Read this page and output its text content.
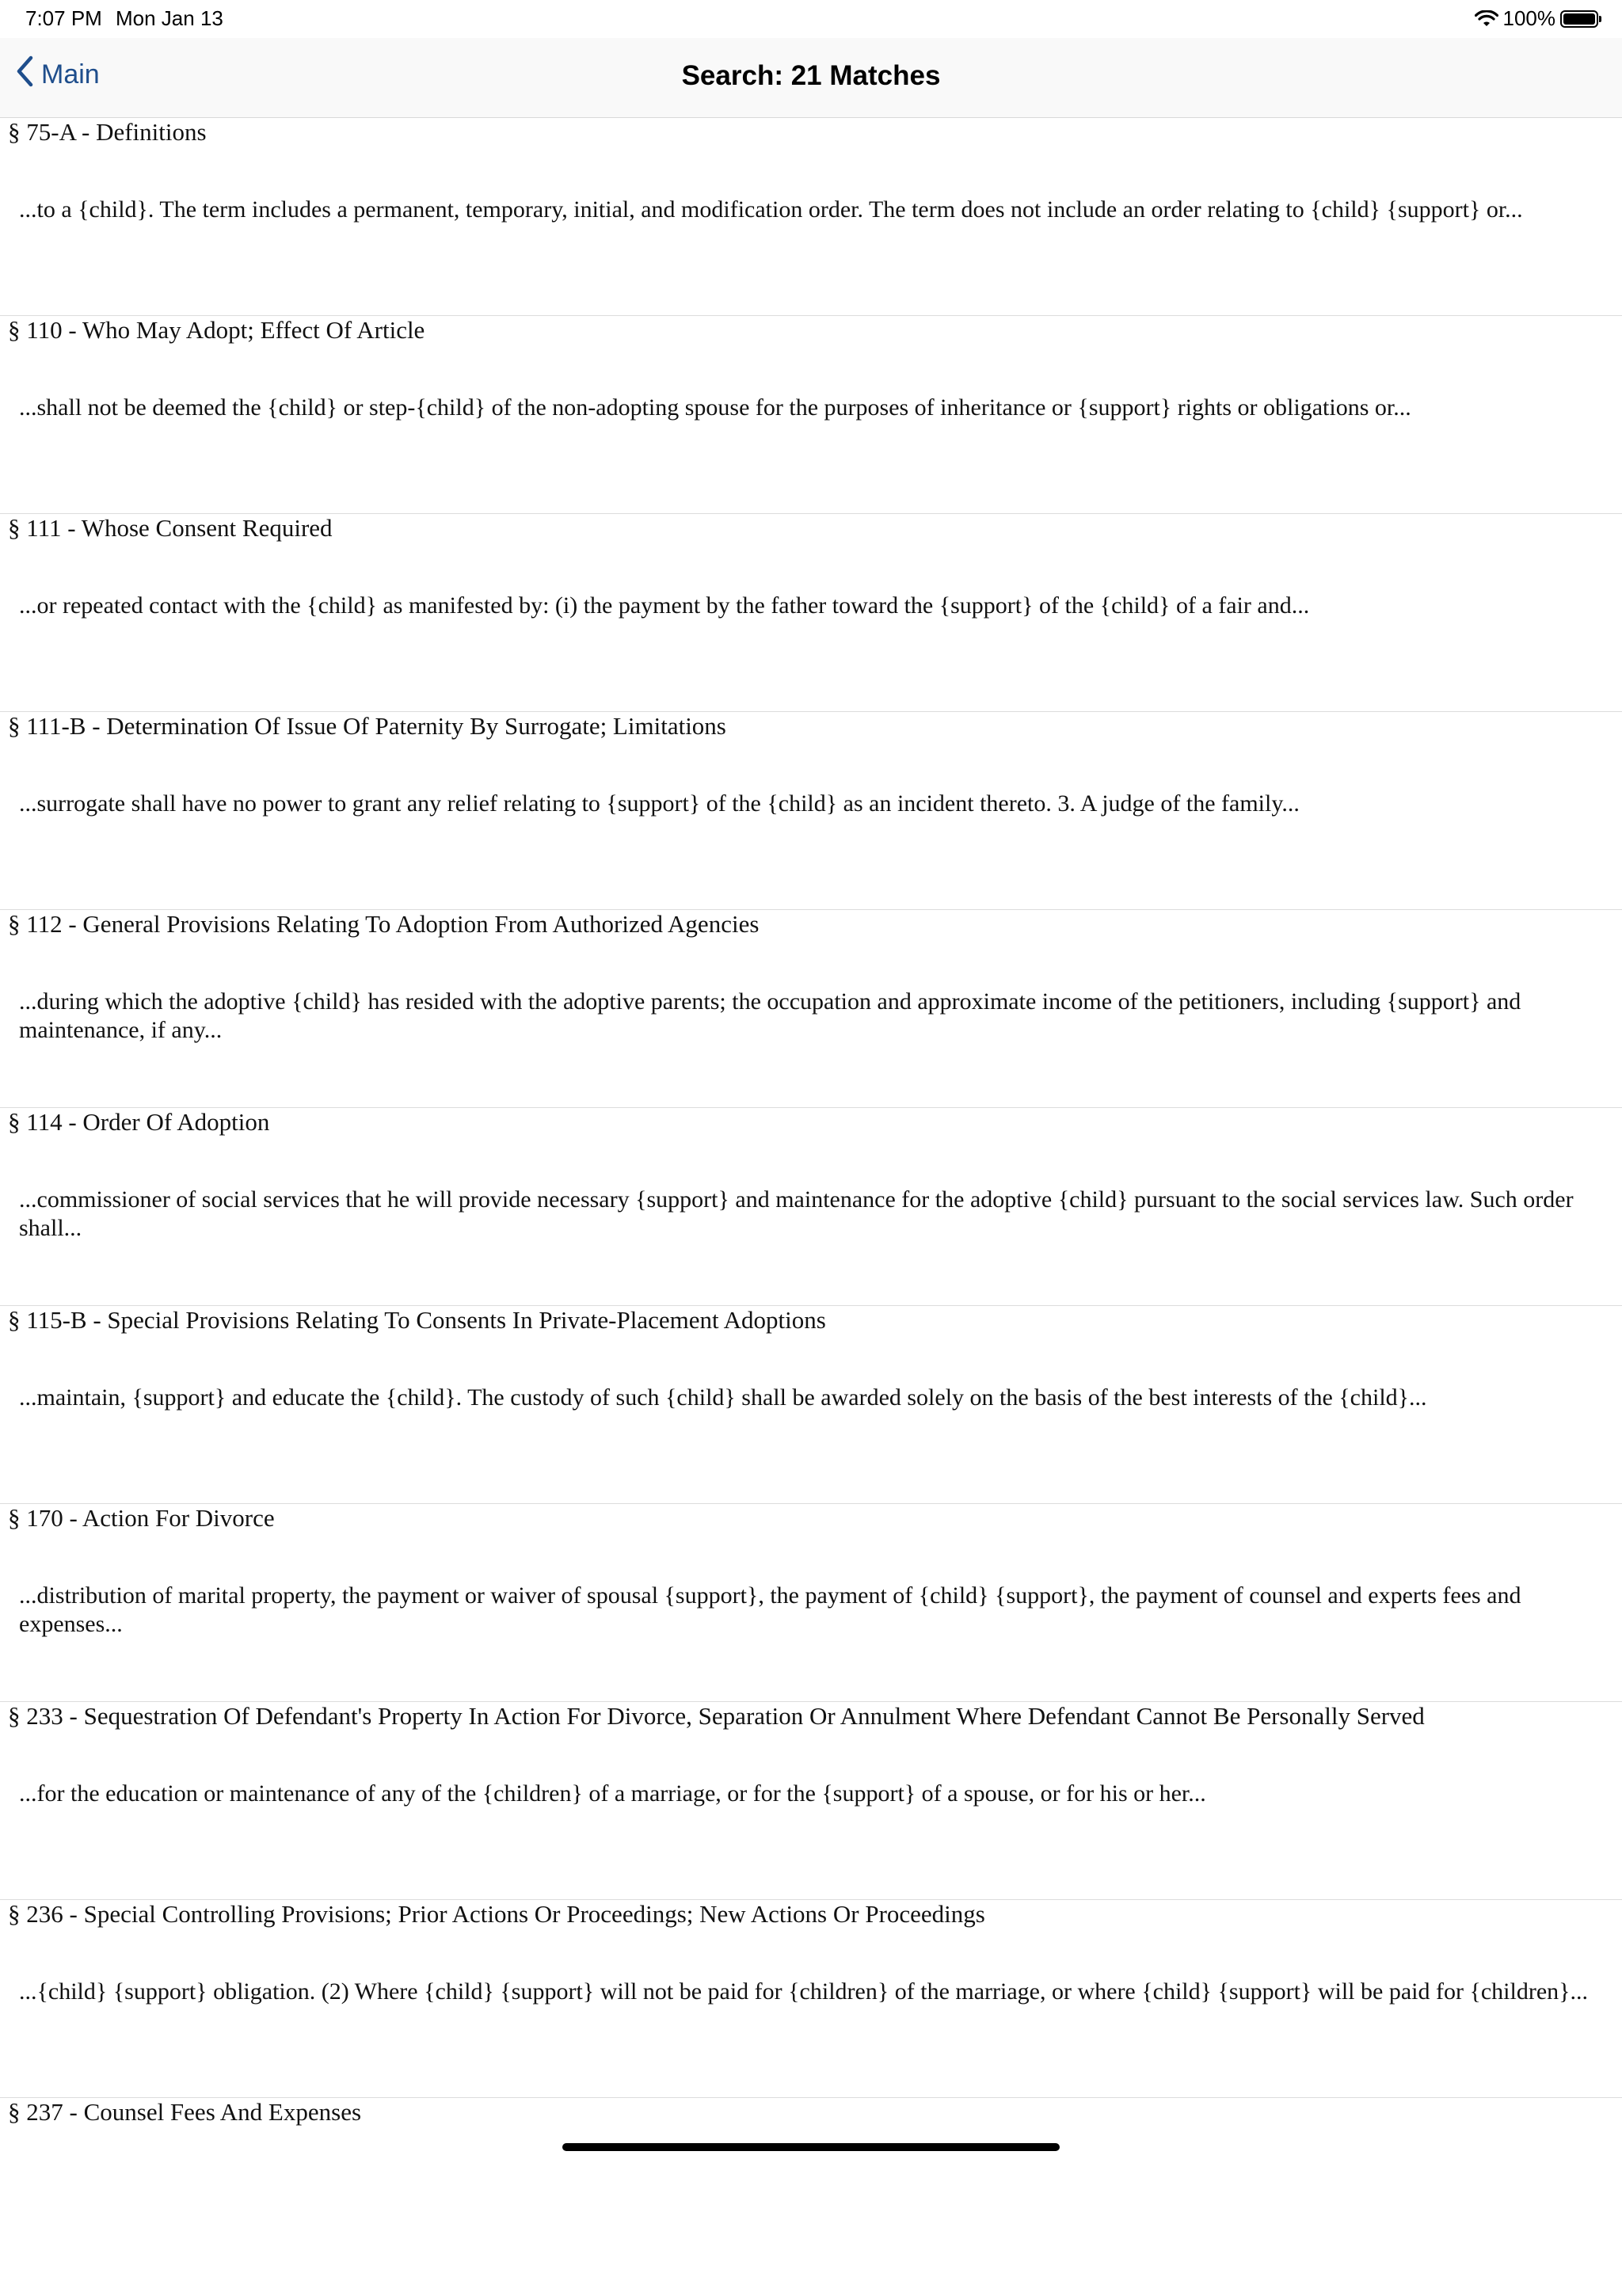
7:07 PM Mon Jan 13	100%
Main	Search: 21 Matches
§ 75-A - Definitions
...to a {child}. The term includes a permanent, temporary, initial, and modification order. The term does not include an order relating to {child} {support} or...
§ 110 - Who May Adopt; Effect Of Article
...shall not be deemed the {child} or step-{child} of the non-adopting spouse for the purposes of inheritance or {support} rights or obligations or...
§ 111 - Whose Consent Required
...or repeated contact with the {child} as manifested by: (i) the payment by the father toward the {support} of the {child} of a fair and...
§ 111-B - Determination Of Issue Of Paternity By Surrogate; Limitations
...surrogate shall have no power to grant any relief relating to {support} of the {child} as an incident thereto. 3. A judge of the family...
§ 112 - General Provisions Relating To Adoption From Authorized Agencies
...during which the adoptive {child} has resided with the adoptive parents; the occupation and approximate income of the petitioners, including {support} and maintenance, if any...
§ 114 - Order Of Adoption
...commissioner of social services that he will provide necessary {support} and maintenance for the adoptive {child} pursuant to the social services law. Such order shall...
§ 115-B - Special Provisions Relating To Consents In Private-Placement Adoptions
...maintain, {support} and educate the {child}. The custody of such {child} shall be awarded solely on the basis of the best interests of the {child}...
§ 170 - Action For Divorce
...distribution of marital property, the payment or waiver of spousal {support}, the payment of {child} {support}, the payment of counsel and experts fees and expenses...
§ 233 - Sequestration Of Defendant's Property In Action For Divorce, Separation Or Annulment Where Defendant Cannot Be Personally Served
...for the education or maintenance of any of the {children} of a marriage, or for the {support} of a spouse, or for his or her...
§ 236 - Special Controlling Provisions; Prior Actions Or Proceedings; New Actions Or Proceedings
...{child} {support} obligation. (2) Where {child} {support} will not be paid for {children} of the marriage, or where {child} {support} will be paid for {children}...
§ 237 - Counsel Fees And Expenses
